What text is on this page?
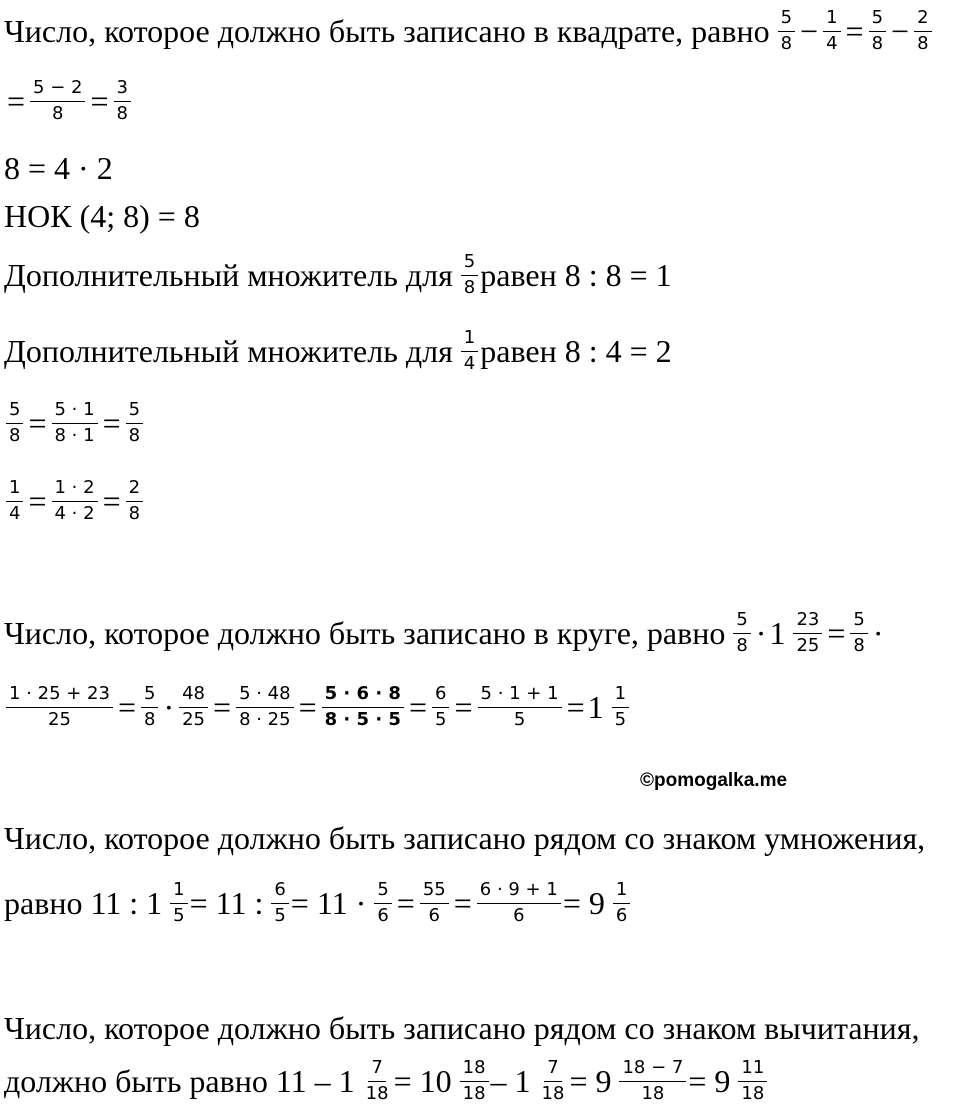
Число, которое должно быть записано в квадрате, равно $\frac{5}{8} - \frac{1}{4} = \frac{5}{8} - \frac{2}{8}$
= $\frac{5 - 2}{8} = \frac{3}{8}$
8 = 4 · 2
НОК (4; 8) = 8
Дополнительный множитель для $\frac{5}{8}$ равен 8 : 8 = 1
Дополнительный множитель для $\frac{1}{4}$ равен 8 : 4 = 2
$\frac{5}{8} = \frac{5 \cdot 1}{8 \cdot 1} = \frac{5}{8}$
$\frac{1}{4} = \frac{1 \cdot 2}{4 \cdot 2} = \frac{2}{8}$
Число, которое должно быть записано в круге, равно $\frac{5}{8} \cdot 1 \frac{23}{25} = \frac{5}{8}$ ·
$\frac{1 \cdot 25 + 23}{25} = \frac{5}{8} \cdot \frac{48}{25} = \frac{5 \cdot 48}{8 \cdot 25} = \frac{5 \cdot 6 \cdot 8}{8 \cdot 5 \cdot 5} = \frac{6}{5} = \frac{5 \cdot 1 + 1}{5} = 1 \frac{1}{5}$
©pomogalka.me
Число, которое должно быть записано рядом со знаком умножения,
равно 11 : $1 \frac{1}{5} = 11$ : $\frac{6}{5} = 11 \cdot \frac{5}{6} = \frac{55}{6} = \frac{6 \cdot 9 + 1}{6} = 9 \frac{1}{6}$
Число, которое должно быть записано рядом со знаком вычитания,
должно быть равно $11 - 1 \frac{7}{18} = 10 \frac{18}{18} - 1 \frac{7}{18} = 9 \frac{18 - 7}{18} = 9 \frac{11}{18}$
